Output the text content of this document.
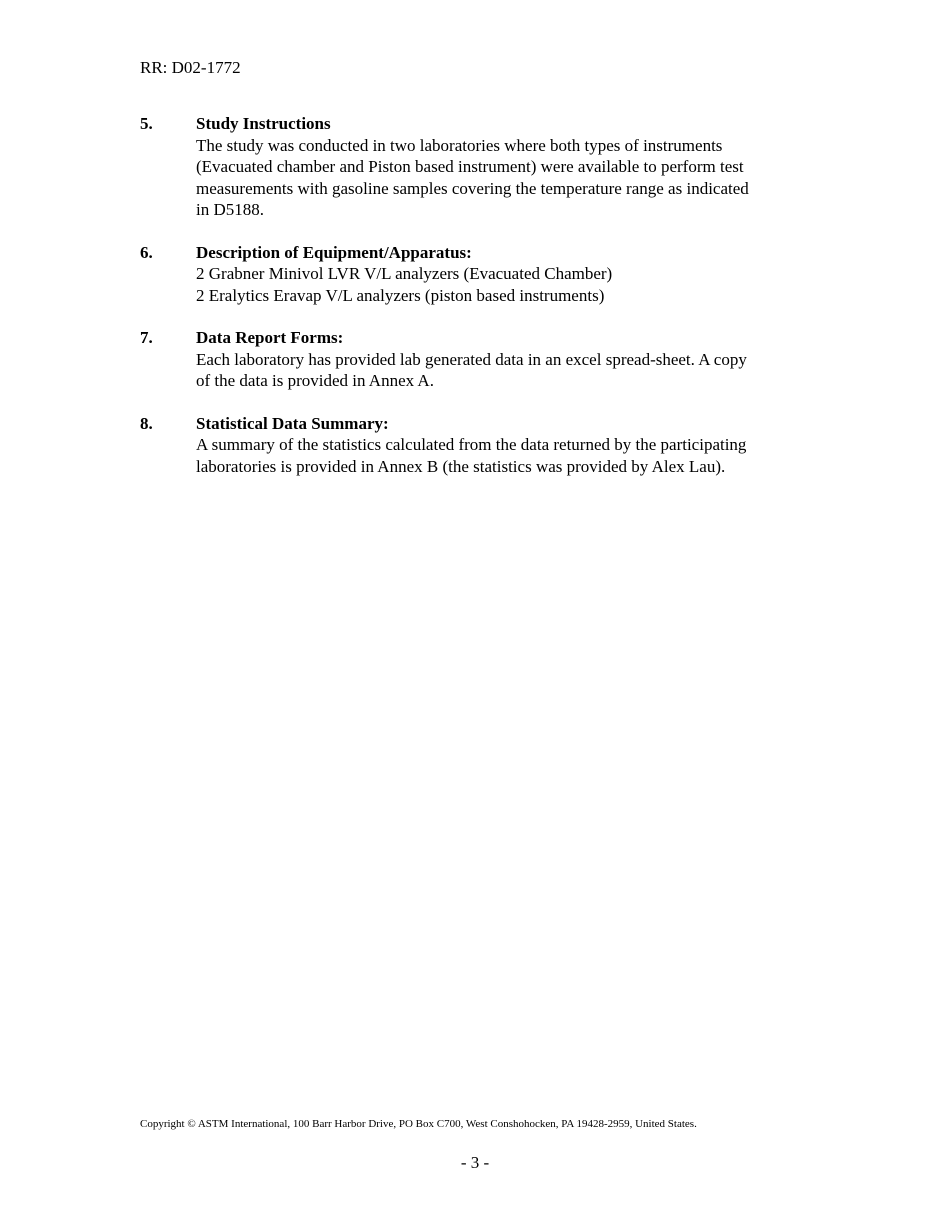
RR: D02-1772
5.	Study Instructions
The study was conducted in two laboratories where both types of instruments
(Evacuated chamber and Piston based instrument) were available to perform test
measurements with gasoline samples covering the temperature range as indicated
in D5188.
6.	Description of Equipment/Apparatus:
2 Grabner Minivol LVR V/L analyzers (Evacuated Chamber)
2 Eralytics Eravap V/L analyzers (piston based instruments)
7.	Data Report Forms:
Each laboratory has provided lab generated data in an excel spread-sheet. A copy
of the data is provided in Annex A.
8.	Statistical Data Summary:
A summary of the statistics calculated from the data returned by the participating
laboratories is provided in Annex B (the statistics was provided by Alex Lau).
Copyright © ASTM International, 100 Barr Harbor Drive, PO Box C700, West Conshohocken, PA 19428-2959, United States.
- 3 -
